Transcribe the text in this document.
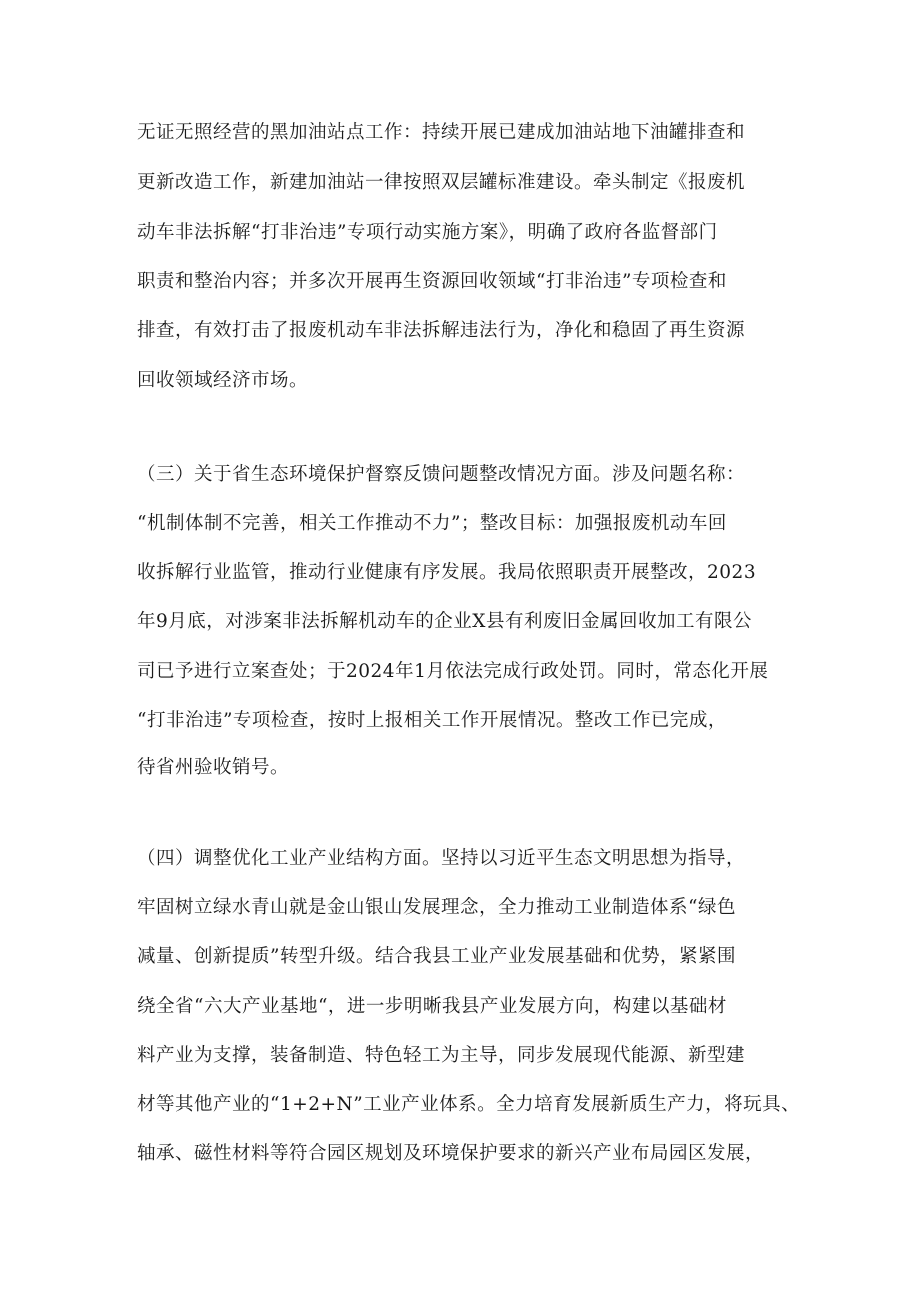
无证无照经营的黑加油站点工作：持续开展已建成加油站地下油罐排查和
更新改造工作，新建加油站一律按照双层罐标准建设。牵头制定《报废机
动车非法拆解“打非治违”专项行动实施方案》，明确了政府各监督部门
职责和整治内容；并多次开展再生资源回收领域“打非治违”专项检查和
排查，有效打击了报废机动车非法拆解违法行为，净化和稳固了再生资源
回收领域经济市场。
（三）关于省生态环境保护督察反馈问题整改情况方面。涉及问题名称：
“机制体制不完善，相关工作推动不力”；整改目标：加强报废机动车回
收拆解行业监管，推动行业健康有序发展。我局依照职责开展整改，2023
年9月底，对涉案非法拆解机动车的企业X县有利废旧金属回收加工有限公
司已予进行立案查处；于2024年1月依法完成行政处罚。同时，常态化开展
“打非治违”专项检查，按时上报相关工作开展情况。整改工作已完成，
待省州验收销号。
（四）调整优化工业产业结构方面。坚持以习近平生态文明思想为指导，
牢固树立绿水青山就是金山银山发展理念，全力推动工业制造体系“绿色
减量、创新提质”转型升级。结合我县工业产业发展基础和优势，紧紧围
绕全省“六大产业基地“，进一步明晰我县产业发展方向，构建以基础材
料产业为支撑，装备制造、特色轻工为主导，同步发展现代能源、新型建
材等其他产业的“1+2+N”工业产业体系。全力培育发展新质生产力，将玩具、
轴承、磁性材料等符合园区规划及环境保护要求的新兴产业布局园区发展，
